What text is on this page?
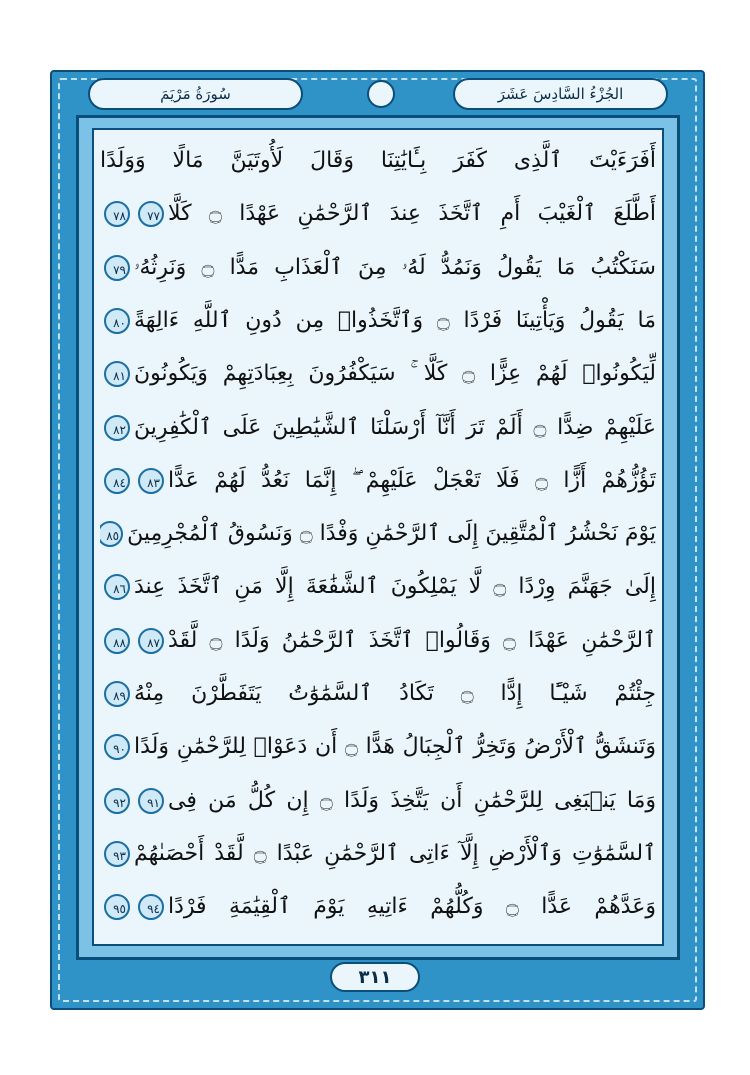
الجُزْءُ السَّادِسَ عَشَرَ
سُورَةُ مَرْيَمَ
أَفَرَءَيْتَ ٱلَّذِى كَفَرَ بِـَٔايَٰتِنَا وَقَالَ لَأُوتَيَنَّ مَالًا وَوَلَدًا
أَطَّلَعَ ٱلْغَيْبَ أَمِ ٱتَّخَذَ عِندَ ٱلرَّحْمَٰنِ عَهْدًا ۝ كَلَّا٧٧٧٨
سَنَكْتُبُ مَا يَقُولُ وَنَمُدُّ لَهُۥ مِنَ ٱلْعَذَابِ مَدًّا ۝ وَنَرِثُهُۥ٧٩
مَا يَقُولُ وَيَأْتِينَا فَرْدًا ۝ وَٱتَّخَذُوا۟ مِن دُونِ ٱللَّهِ ءَالِهَةً٨٠
لِّيَكُونُوا۟ لَهُمْ عِزًّا ۝ كَلَّا ۚ سَيَكْفُرُونَ بِعِبَادَتِهِمْ وَيَكُونُونَ٨١
عَلَيْهِمْ ضِدًّا ۝ أَلَمْ تَرَ أَنَّآ أَرْسَلْنَا ٱلشَّيَٰطِينَ عَلَى ٱلْكَٰفِرِينَ٨٢
تَؤُزُّهُمْ أَزًّا ۝ فَلَا تَعْجَلْ عَلَيْهِمْ ۖ إِنَّمَا نَعُدُّ لَهُمْ عَدًّا٨٣٨٤
يَوْمَ نَحْشُرُ ٱلْمُتَّقِينَ إِلَى ٱلرَّحْمَٰنِ وَفْدًا ۝ وَنَسُوقُ ٱلْمُجْرِمِينَ٨٥
إِلَىٰ جَهَنَّمَ وِرْدًا ۝ لَّا يَمْلِكُونَ ٱلشَّفَٰعَةَ إِلَّا مَنِ ٱتَّخَذَ عِندَ٨٦
ٱلرَّحْمَٰنِ عَهْدًا ۝ وَقَالُوا۟ ٱتَّخَذَ ٱلرَّحْمَٰنُ وَلَدًا ۝ لَّقَدْ٨٧٨٨
جِئْتُمْ شَيْـًٔا إِدًّا ۝ تَكَادُ ٱلسَّمَٰوَٰتُ يَتَفَطَّرْنَ مِنْهُ٨٩
وَتَنشَقُّ ٱلْأَرْضُ وَتَخِرُّ ٱلْجِبَالُ هَدًّا ۝ أَن دَعَوْا۟ لِلرَّحْمَٰنِ وَلَدًا٩٠
وَمَا يَنۢبَغِى لِلرَّحْمَٰنِ أَن يَتَّخِذَ وَلَدًا ۝ إِن كُلُّ مَن فِى٩١٩٢
ٱلسَّمَٰوَٰتِ وَٱلْأَرْضِ إِلَّآ ءَاتِى ٱلرَّحْمَٰنِ عَبْدًا ۝ لَّقَدْ أَحْصَىٰهُمْ٩٣
وَعَدَّهُمْ عَدًّا ۝ وَكُلُّهُمْ ءَاتِيهِ يَوْمَ ٱلْقِيَٰمَةِ فَرْدًا٩٤٩٥
٣١١
